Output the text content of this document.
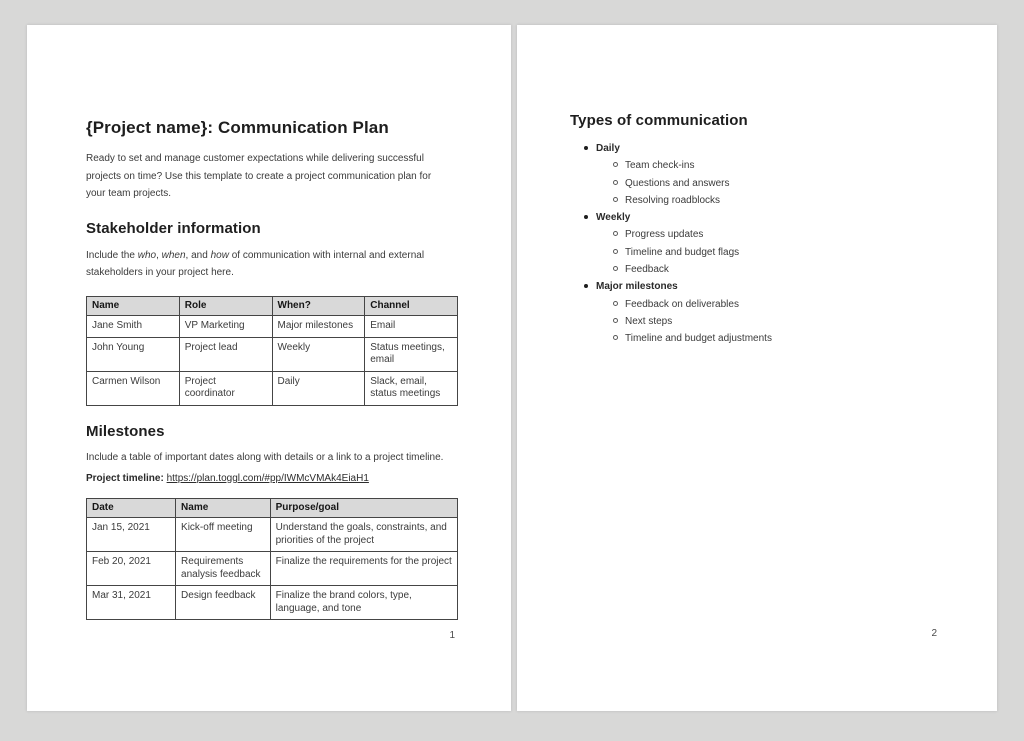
{Project name}: Communication Plan
Ready to set and manage customer expectations while delivering successful
projects on time? Use this template to create a project communication plan for
your team projects.
Stakeholder information
Include the who, when, and how of communication with internal and external
stakeholders in your project here.
Name	Role	When?	Channel
Jane Smith	VP Marketing	Major milestones	Email
John Young	Project lead	Weekly	Status meetings, email
Carmen Wilson	Project coordinator	Daily	Slack, email, status meetings
Milestones
Include a table of important dates along with details or a link to a project timeline.
Project timeline: https://plan.toggl.com/#pp/IWMcVMAk4EiaH1
Date	Name	Purpose/goal
Jan 15, 2021	Kick-off meeting	Understand the goals, constraints, and priorities of the project
Feb 20, 2021	Requirements analysis feedback	Finalize the requirements for the project
Mar 31, 2021	Design feedback	Finalize the brand colors, type, language, and tone
1
Types of communication
Daily
Team check-ins
Questions and answers
Resolving roadblocks
Weekly
Progress updates
Timeline and budget flags
Feedback
Major milestones
Feedback on deliverables
Next steps
Timeline and budget adjustments
2
